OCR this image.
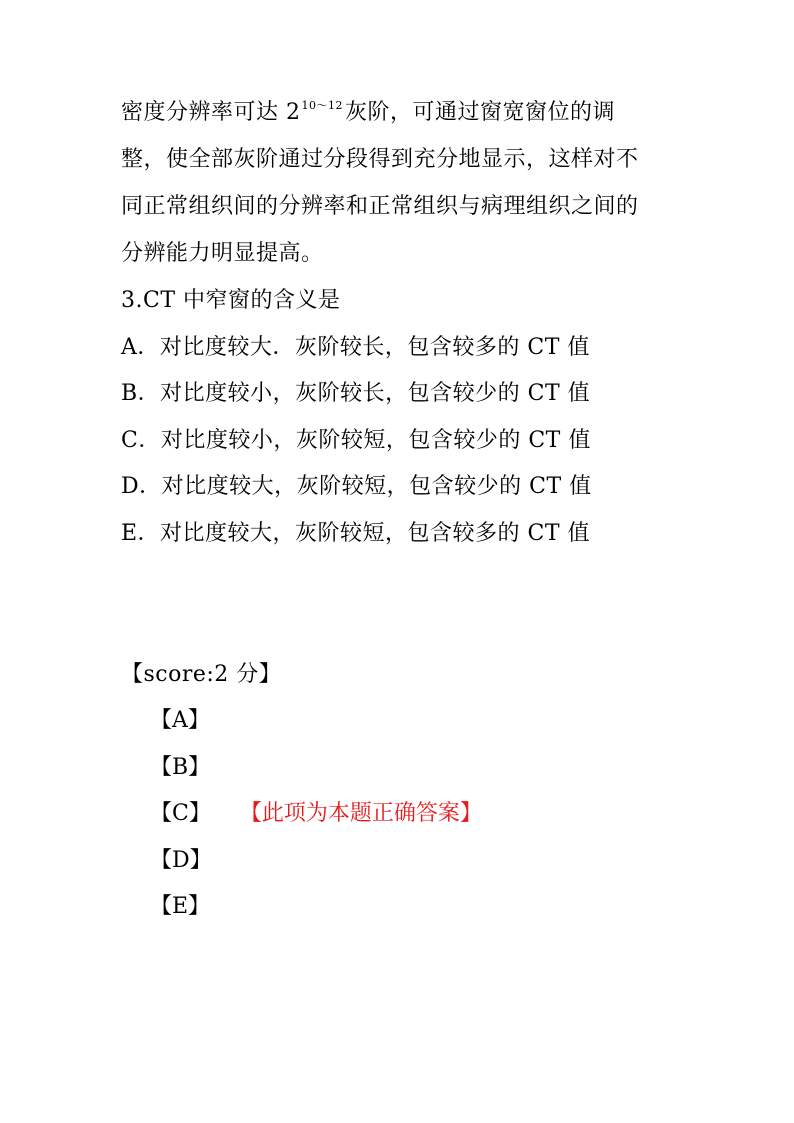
密度分辨率可达 $2^{10\sim 12}$灰阶，可通过窗宽窗位的调
整，使全部灰阶通过分段得到充分地显示，这样对不
同正常组织间的分辨率和正常组织与病理组织之间的
分辨能力明显提高。
3.CT 中窄窗的含义是
A．对比度较大．灰阶较长，包含较多的 CT 值
B．对比度较小，灰阶较长，包含较少的 CT 值
C．对比度较小，灰阶较短，包含较少的 CT 值
D．对比度较大，灰阶较短，包含较少的 CT 值
E．对比度较大，灰阶较短，包含较多的 CT 值
【score:2 分】
【A】
【B】
【C】 【此项为本题正确答案】
【D】
【E】
